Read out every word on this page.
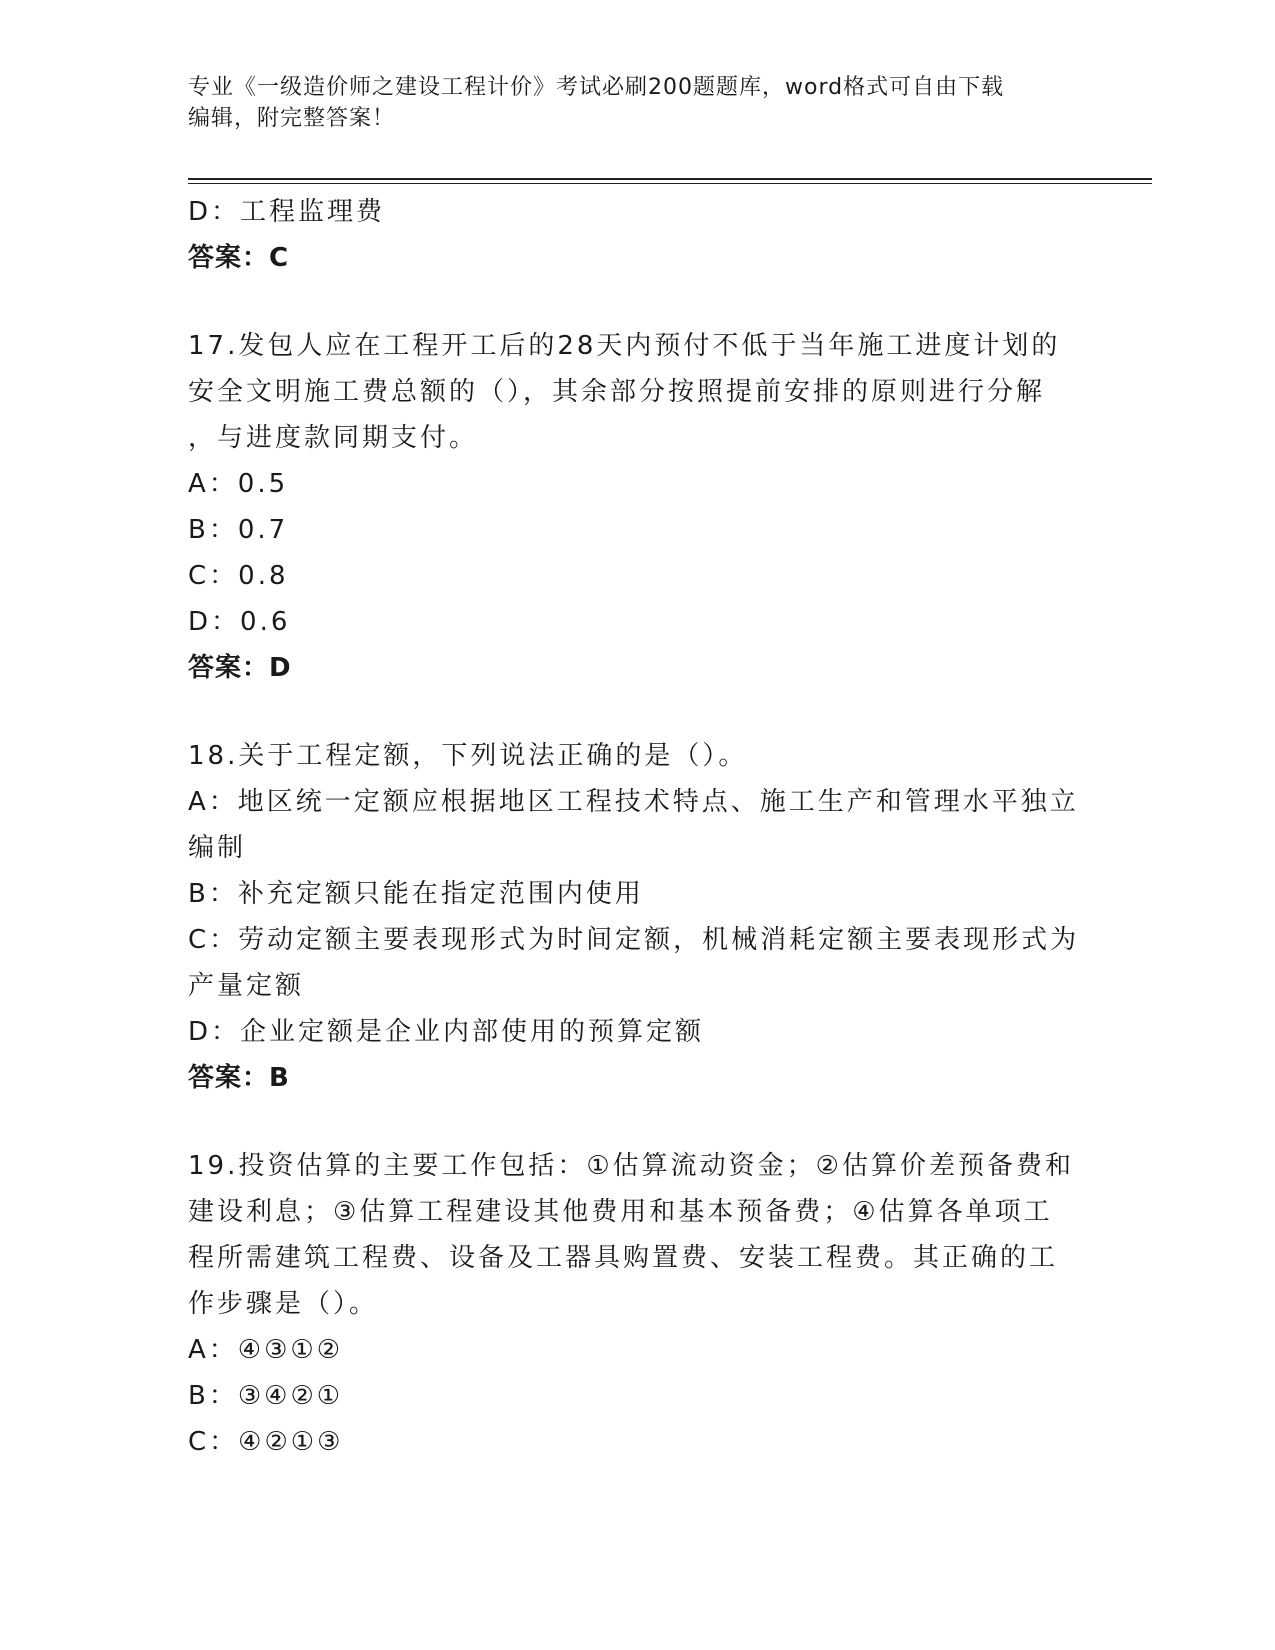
专业《一级造价师之建设工程计价》考试必刷200题题库，word格式可自由下载
编辑，附完整答案！
D：工程监理费
答案：C
17.发包人应在工程开工后的28天内预付不低于当年施工进度计划的
安全文明施工费总额的（），其余部分按照提前安排的原则进行分解
，与进度款同期支付。
A：0.5
B：0.7
C：0.8
D：0.6
答案：D
18.关于工程定额，下列说法正确的是（）。
A：地区统一定额应根据地区工程技术特点、施工生产和管理水平独立
编制
B：补充定额只能在指定范围内使用
C：劳动定额主要表现形式为时间定额，机械消耗定额主要表现形式为
产量定额
D：企业定额是企业内部使用的预算定额
答案：B
19.投资估算的主要工作包括：①估算流动资金；②估算价差预备费和
建设利息；③估算工程建设其他费用和基本预备费；④估算各单项工
程所需建筑工程费、设备及工器具购置费、安装工程费。其正确的工
作步骤是（）。
A：④③①②
B：③④②①
C：④②①③
